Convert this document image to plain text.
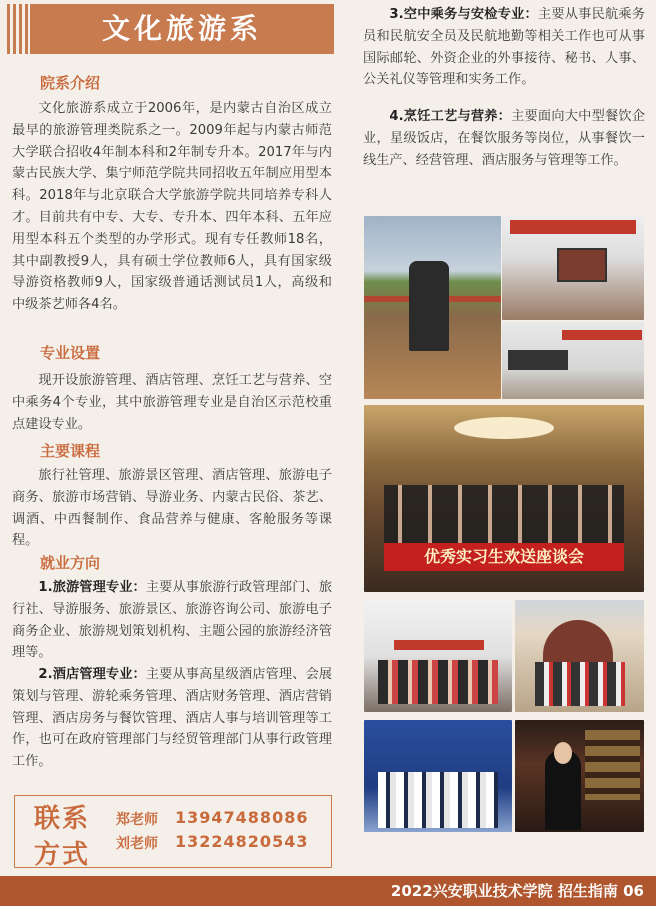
文化旅游系
院系介绍
文化旅游系成立于2006年，是内蒙古自治区成立最早的旅游管理类院系之一。2009年起与内蒙古师范大学联合招收4年制本科和2年制专升本。2017年与内蒙古民族大学、集宁师范学院共同招收五年制应用型本科。2018年与北京联合大学旅游学院共同培养专科人才。目前共有中专、大专、专升本、四年本科、五年应用型本科五个类型的办学形式。现有专任教师18名，其中副教授9人，具有硕士学位教师6人，具有国家级导游资格教师9人，国家级普通话测试员1人，高级和中级茶艺师各4名。
专业设置
现开设旅游管理、酒店管理、烹饪工艺与营养、空中乘务4个专业，其中旅游管理专业是自治区示范校重点建设专业。
主要课程
旅行社管理、旅游景区管理、酒店管理、旅游电子商务、旅游市场营销、导游业务、内蒙古民俗、茶艺、调酒、中西餐制作、食品营养与健康、客舱服务等课程。
就业方向
1.旅游管理专业：主要从事旅游行政管理部门、旅行社、导游服务、旅游景区、旅游咨询公司、旅游电子商务企业、旅游规划策划机构、主题公园的旅游经济管理等。
2.酒店管理专业：主要从事高星级酒店管理、会展策划与管理、游轮乘务管理、酒店财务管理、酒店营销管理、酒店房务与餐饮管理、酒店人事与培训管理等工作，也可在政府管理部门与经贸管理部门从事行政管理工作。
3.空中乘务与安检专业：主要从事民航乘务员和民航安全员及民航地勤等相关工作也可从事国际邮轮、外资企业的外事接待、秘书、人事、公关礼仪等管理和实务工作。
4.烹饪工艺与营养：主要面向大中型餐饮企业，星级饭店，在餐饮服务等岗位，从事餐饮一线生产、经营管理、酒店服务与管理等工作。
优秀实习生欢送座谈会
联系
方式
郑老师 13947488086
刘老师 13224820543
2022兴安职业技术学院 招生指南 06
